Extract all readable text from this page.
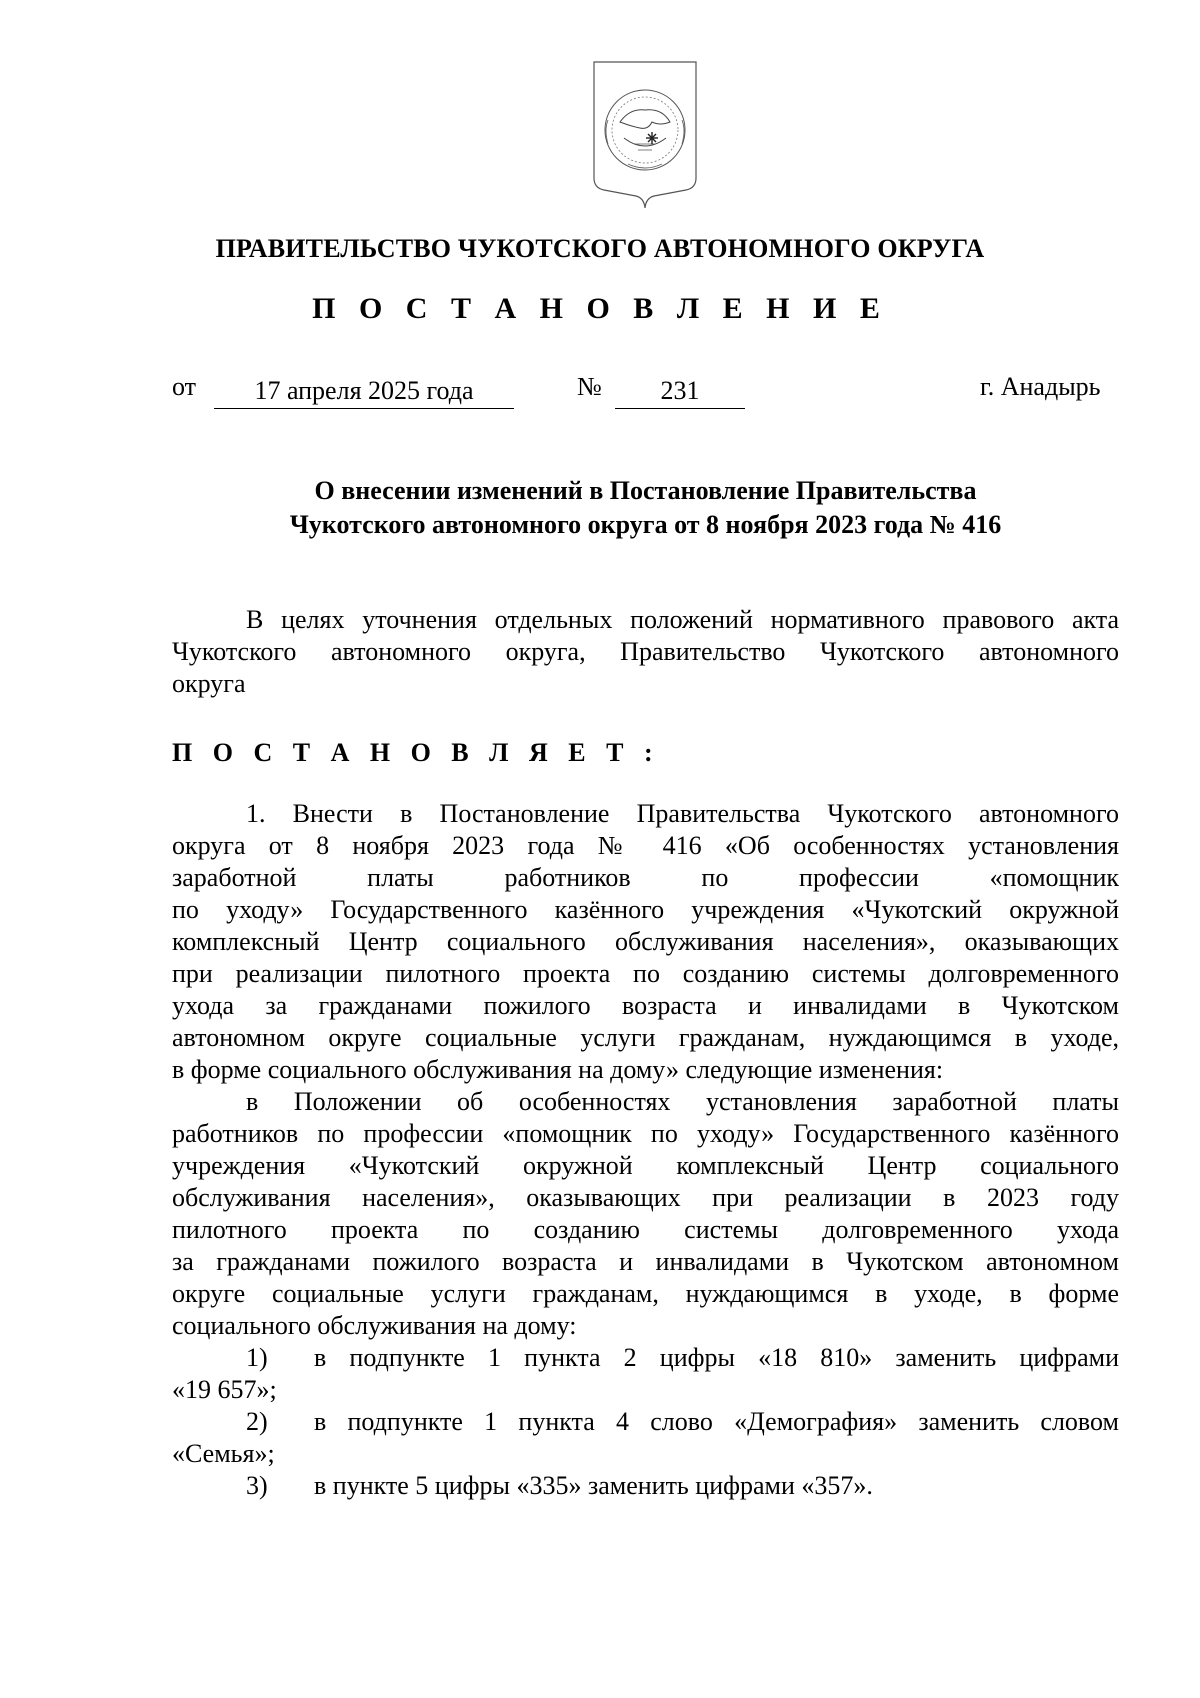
ПРАВИТЕЛЬСТВО ЧУКОТСКОГО АВТОНОМНОГО ОКРУГА
П О С Т А Н О В Л Е Н И Е
от	17 апреля 2025 года	№	231	г. Анадырь
О внесении изменений в Постановление Правительства
Чукотского автономного округа от 8 ноября 2023 года № 416
В целях уточнения отдельных положений нормативного правового акта
Чукотского автономного округа, Правительство Чукотского автономного
округа
П О С Т А Н О В Л Я Е Т :
1. Внести в Постановление Правительства Чукотского автономного
округа от 8 ноября 2023 года № 416 «Об особенностях установления
заработной платы работников по профессии «помощник
по уходу» Государственного казённого учреждения «Чукотский окружной
комплексный Центр социального обслуживания населения», оказывающих
при реализации пилотного проекта по созданию системы долговременного
ухода за гражданами пожилого возраста и инвалидами в Чукотском
автономном округе социальные услуги гражданам, нуждающимся в уходе,
в форме социального обслуживания на дому» следующие изменения:
в Положении об особенностях установления заработной платы
работников по профессии «помощник по уходу» Государственного казённого
учреждения «Чукотский окружной комплексный Центр социального
обслуживания населения», оказывающих при реализации в 2023 году
пилотного проекта по созданию системы долговременного ухода
за гражданами пожилого возраста и инвалидами в Чукотском автономном
округе социальные услуги гражданам, нуждающимся в уходе, в форме
социального обслуживания на дому:
1) в подпункте 1 пункта 2 цифры «18 810» заменить цифрами
«19 657»;
2) в подпункте 1 пункта 4 слово «Демография» заменить словом
«Семья»;
3) в пункте 5 цифры «335» заменить цифрами «357».
